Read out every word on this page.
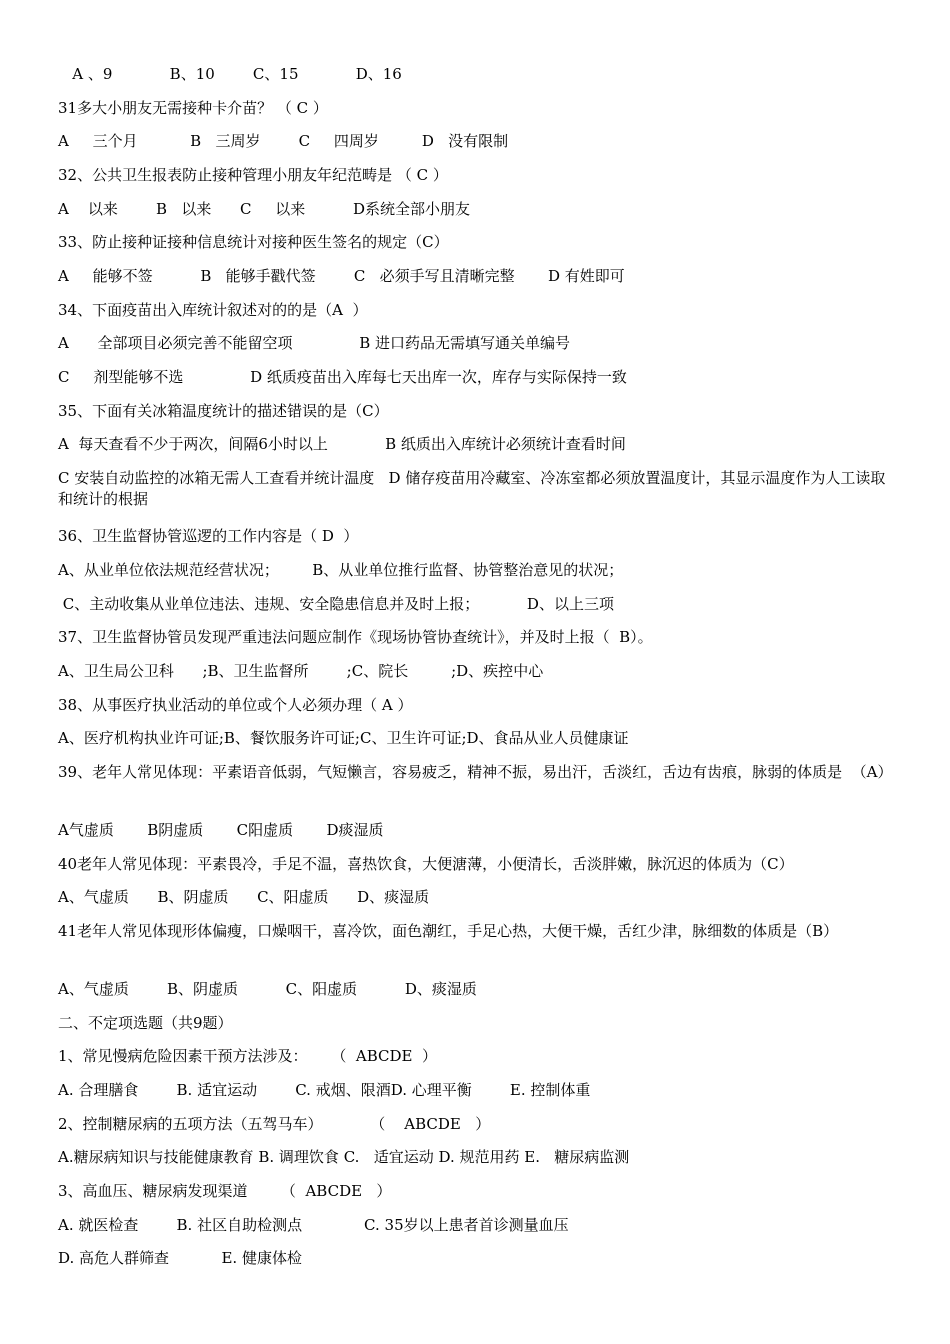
A 、9            B、10        C、15            D、16

31多大小朋友无需接种卡介苗？ （ C ）

A     三个月           B   三周岁        C     四周岁         D   没有限制

32、公共卫生报表防止接种管理小朋友年纪范畴是 （ C ）

A    以来        B   以来      C     以来          D系统全部小朋友

33、防止接种证接种信息统计对接种医生签名的规定（C）

A     能够不签          B   能够手戳代签        C   必须手写且清晰完整       D 有姓即可

34、下面疫苗出入库统计叙述对的的是（A  ）

A      全部项目必须完善不能留空项              B 进口药品无需填写通关单编号

C     剂型能够不选              D 纸质疫苗出入库每七天出库一次，库存与实际保持一致

35、下面有关冰箱温度统计的描述错误的是（C）

A  每天查看不少于两次，间隔6小时以上            B 纸质出入库统计必须统计查看时间

C 安装自动监控的冰箱无需人工查看并统计温度   D 储存疫苗用冷藏室、冷冻室都必须放置温度计，其显示温度作为人工读取和统计的根据

36、卫生监督协管巡逻的工作内容是（ D  ）

A、从业单位依法规范经营状况；       B、从业单位推行监督、协管整治意见的状况；

C、主动收集从业单位违法、违规、安全隐患信息并及时上报；          D、以上三项

37、卫生监督协管员发现严重违法问题应制作《现场协管协查统计》，并及时上报（  B）。

A、卫生局公卫科      ;B、卫生监督所        ;C、院长         ;D、疾控中心

38、从事医疗执业活动的单位或个人必须办理（ A ）

A、医疗机构执业许可证;B、餐饮服务许可证;C、卫生许可证;D、食品从业人员健康证

39、老年人常见体现：平素语音低弱，气短懒言，容易疲乏，精神不振，易出汗，舌淡红，舌边有齿痕，脉弱的体质是  （A）

A气虚质       B阴虚质       C阳虚质       D痰湿质

40老年人常见体现：平素畏冷，手足不温，喜热饮食，大便溏薄，小便清长，舌淡胖嫩，脉沉迟的体质为（C）

A、气虚质      B、阴虚质      C、阳虚质      D、痰湿质

41老年人常见体现形体偏瘦，口燥咽干，喜冷饮，面色潮红，手足心热，大便干燥，舌红少津，脉细数的体质是（B）

A、气虚质        B、阴虚质          C、阳虚质          D、痰湿质

二、不定项选题（共9题）

1、常见慢病危险因素干预方法涉及：     （  ABCDE  ）

A. 合理膳食        B. 适宜运动        C. 戒烟、限酒D. 心理平衡        E. 控制体重

2、控制糖尿病的五项方法（五驾马车）          （    ABCDE   ）

A.糖尿病知识与技能健康教育 B. 调理饮食 C.   适宜运动 D. 规范用药 E.   糖尿病监测

3、高血压、糖尿病发现渠道       （  ABCDE   ）

A. 就医检查        B. 社区自助检测点             C. 35岁以上患者首诊测量血压

D. 高危人群筛查           E. 健康体检
